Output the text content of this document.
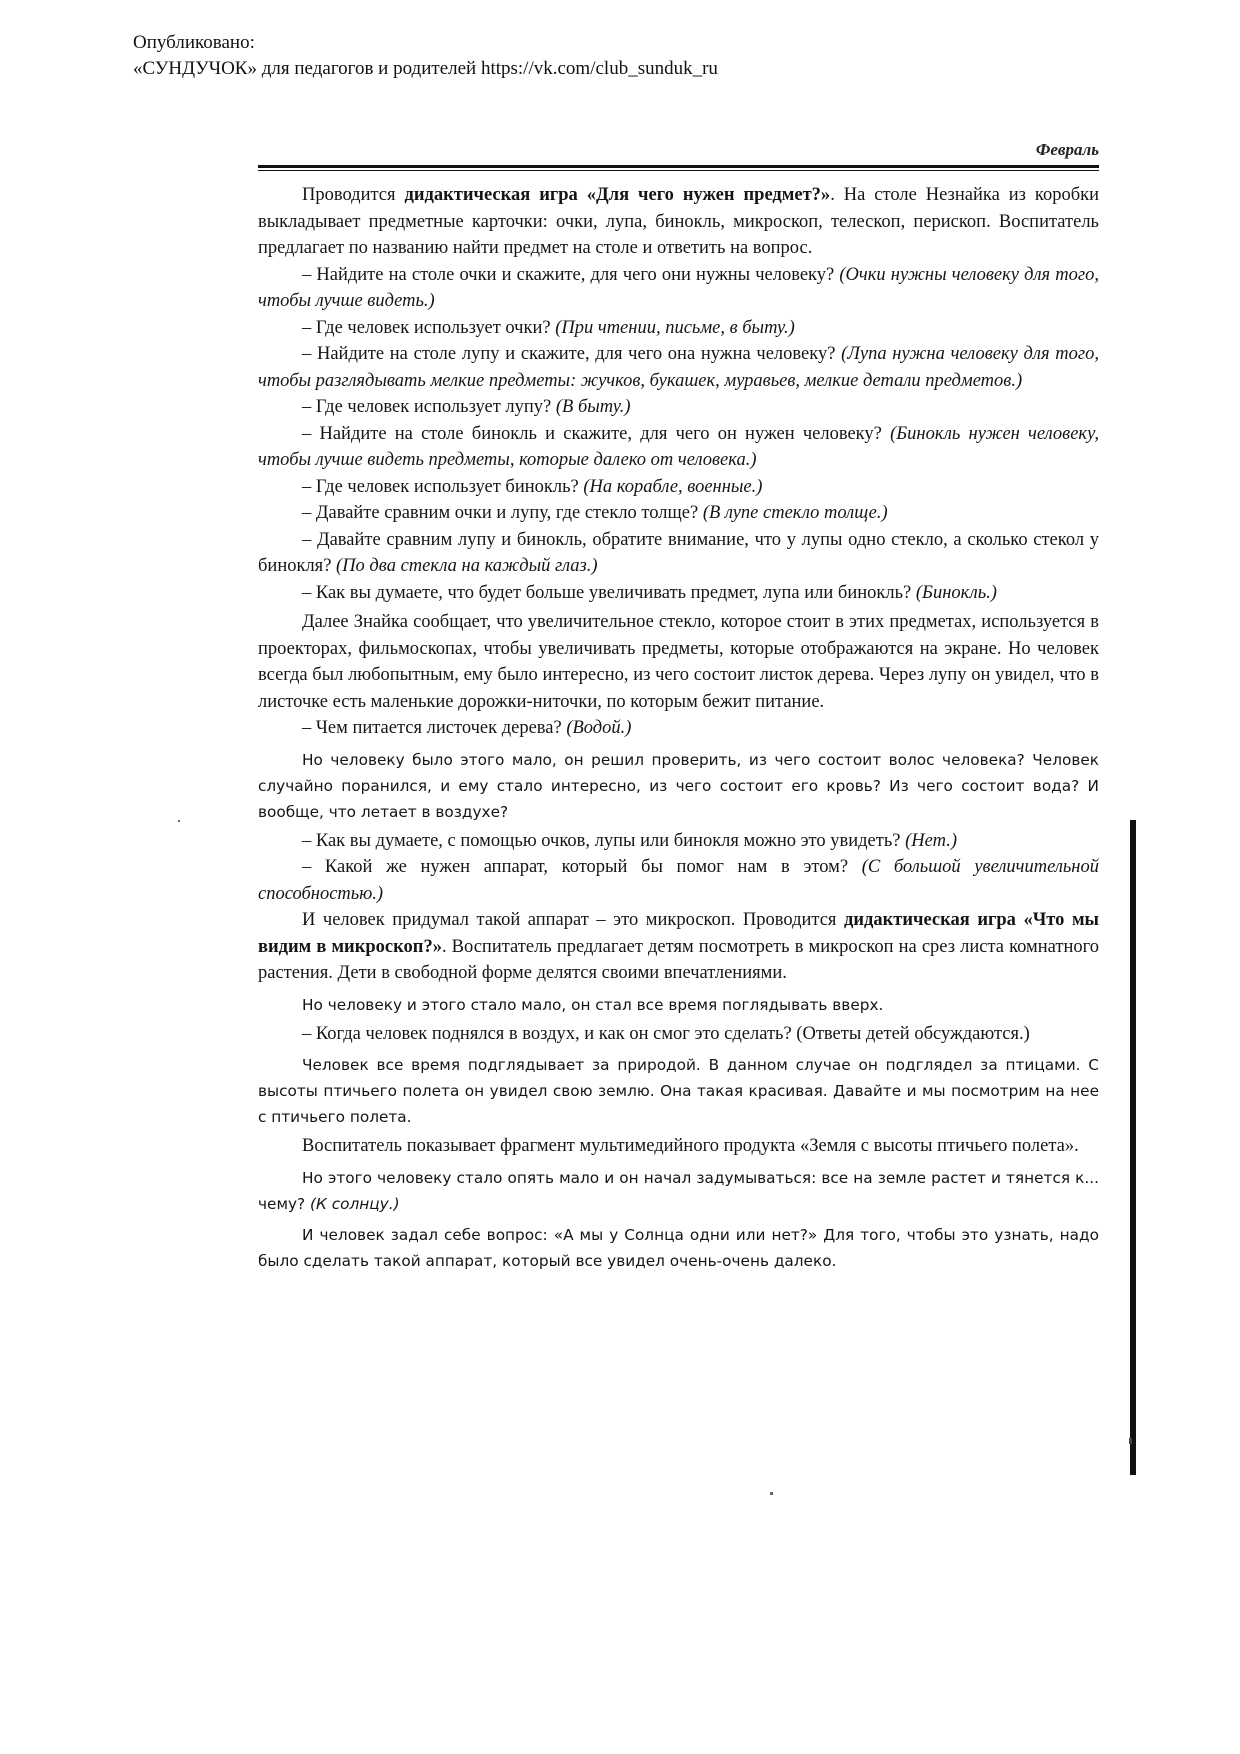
Опубликовано:
«СУНДУЧОК» для педагогов и родителей https://vk.com/club_sunduk_ru
Февраль

Проводится дидактическая игра «Для чего нужен предмет?». На столе Незнайка из коробки выкладывает предметные карточки: очки, лупа, бинокль, микроскоп, телескоп, перископ. Воспитатель предлагает по названию найти предмет на столе и ответить на вопрос.

– Найдите на столе очки и скажите, для чего они нужны человеку? (Очки нужны человеку для того, чтобы лучше видеть.)

– Где человек использует очки? (При чтении, письме, в быту.)

– Найдите на столе лупу и скажите, для чего она нужна человеку? (Лупа нужна человеку для того, чтобы разглядывать мелкие предметы: жучков, букашек, муравьев, мелкие детали предметов.)

– Где человек использует лупу? (В быту.)

– Найдите на столе бинокль и скажите, для чего он нужен человеку? (Бинокль нужен человеку, чтобы лучше видеть предметы, которые далеко от человека.)

– Где человек использует бинокль? (На корабле, военные.)

– Давайте сравним очки и лупу, где стекло толще? (В лупе стекло толще.)

– Давайте сравним лупу и бинокль, обратите внимание, что у лупы одно стекло, а сколько стекол у бинокля? (По два стекла на каждый глаз.)

– Как вы думаете, что будет больше увеличивать предмет, лупа или бинокль? (Бинокль.)

Далее Знайка сообщает, что увеличительное стекло, которое стоит в этих предметах, используется в проекторах, фильмоскопах, чтобы увеличивать предметы, которые отображаются на экране. Но человек всегда был любопытным, ему было интересно, из чего состоит листок дерева. Через лупу он увидел, что в листочке есть маленькие дорожки-ниточки, по которым бежит питание.

– Чем питается листочек дерева? (Водой.)

Но человеку было этого мало, он решил проверить, из чего состоит волос человека? Человек случайно поранился, и ему стало интересно, из чего состоит его кровь? Из чего состоит вода? И вообще, что летает в воздухе?

– Как вы думаете, с помощью очков, лупы или бинокля можно это увидеть? (Нет.)

– Какой же нужен аппарат, который бы помог нам в этом? (С большой увеличительной способностью.)

И человек придумал такой аппарат – это микроскоп. Проводится дидактическая игра «Что мы видим в микроскоп?». Воспитатель предлагает детям посмотреть в микроскоп на срез листа комнатного растения. Дети в свободной форме делятся своими впечатлениями.

Но человеку и этого стало мало, он стал все время поглядывать вверх.

– Когда человек поднялся в воздух, и как он смог это сделать? (Ответы детей обсуждаются.)

Человек все время подглядывает за природой. В данном случае он подглядел за птицами. С высоты птичьего полета он увидел свою землю. Она такая красивая. Давайте и мы посмотрим на нее с птичьего полета.

Воспитатель показывает фрагмент мультимедийного продукта «Земля с высоты птичьего полета».

Но этого человеку стало опять мало и он начал задумываться: все на земле растет и тянется к... чему? (К солнцу.)

И человек задал себе вопрос: «А мы у Солнца одни или нет?» Для того, чтобы это узнать, надо было сделать такой аппарат, который все увидел очень-очень далеко.
